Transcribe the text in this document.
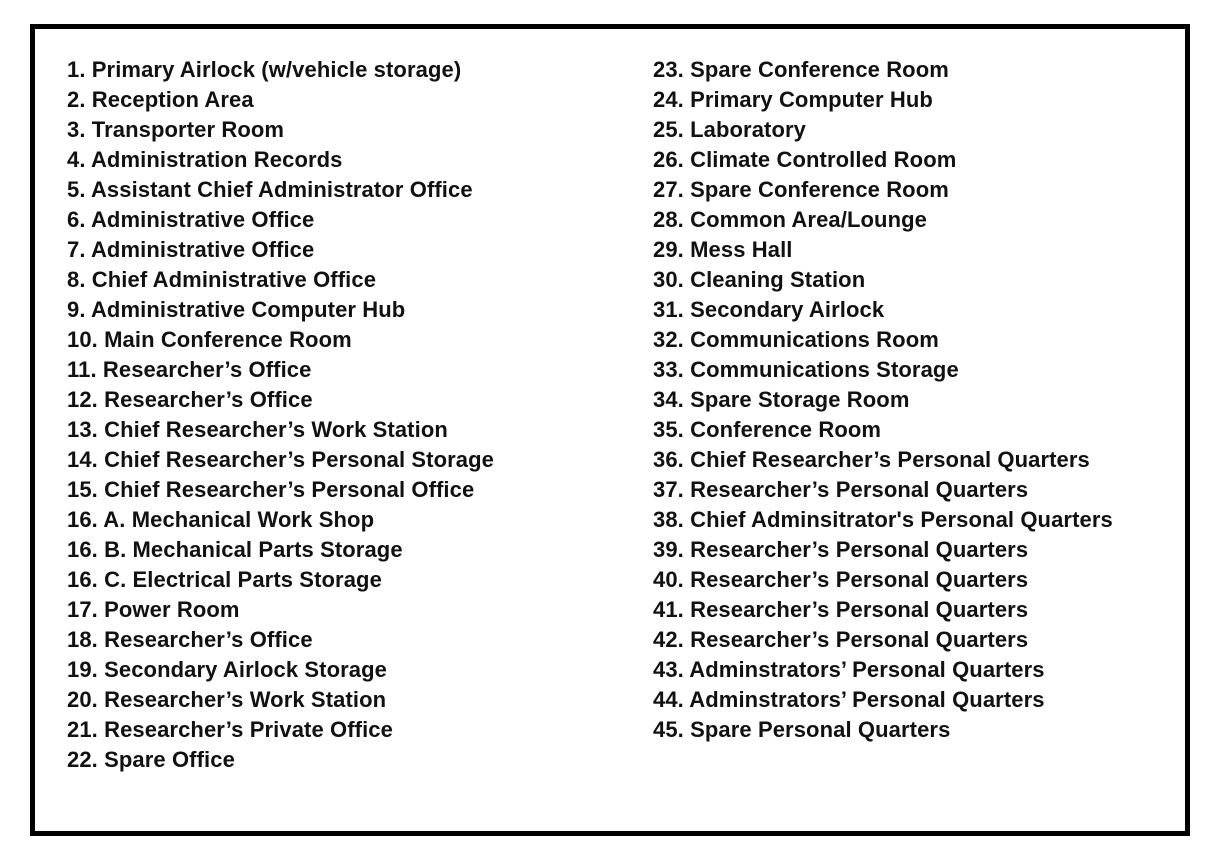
1. Primary Airlock (w/vehicle storage)
2. Reception Area
3. Transporter Room
4. Administration Records
5. Assistant Chief Administrator Office
6. Administrative Office
7. Administrative Office
8. Chief Administrative Office
9. Administrative Computer Hub
10. Main Conference Room
11. Researcher’s Office
12. Researcher’s Office
13. Chief Researcher’s Work Station
14. Chief Researcher’s Personal Storage
15. Chief Researcher’s Personal Office
16. A. Mechanical Work Shop
16. B. Mechanical Parts Storage
16. C. Electrical Parts Storage
17. Power Room
18. Researcher’s Office
19. Secondary Airlock Storage
20. Researcher’s Work Station
21. Researcher’s Private Office
22. Spare Office
23. Spare Conference Room
24. Primary Computer Hub
25. Laboratory
26. Climate Controlled Room
27. Spare Conference Room
28. Common Area/Lounge
29. Mess Hall
30. Cleaning Station
31. Secondary Airlock
32. Communications Room
33. Communications Storage
34. Spare Storage Room
35. Conference Room
36. Chief Researcher’s Personal Quarters
37. Researcher’s Personal Quarters
38. Chief Adminsitrator's Personal Quarters
39. Researcher’s Personal Quarters
40. Researcher’s Personal Quarters
41. Researcher’s Personal Quarters
42. Researcher’s Personal Quarters
43. Adminstrators’ Personal Quarters
44. Adminstrators’ Personal Quarters
45. Spare Personal Quarters
